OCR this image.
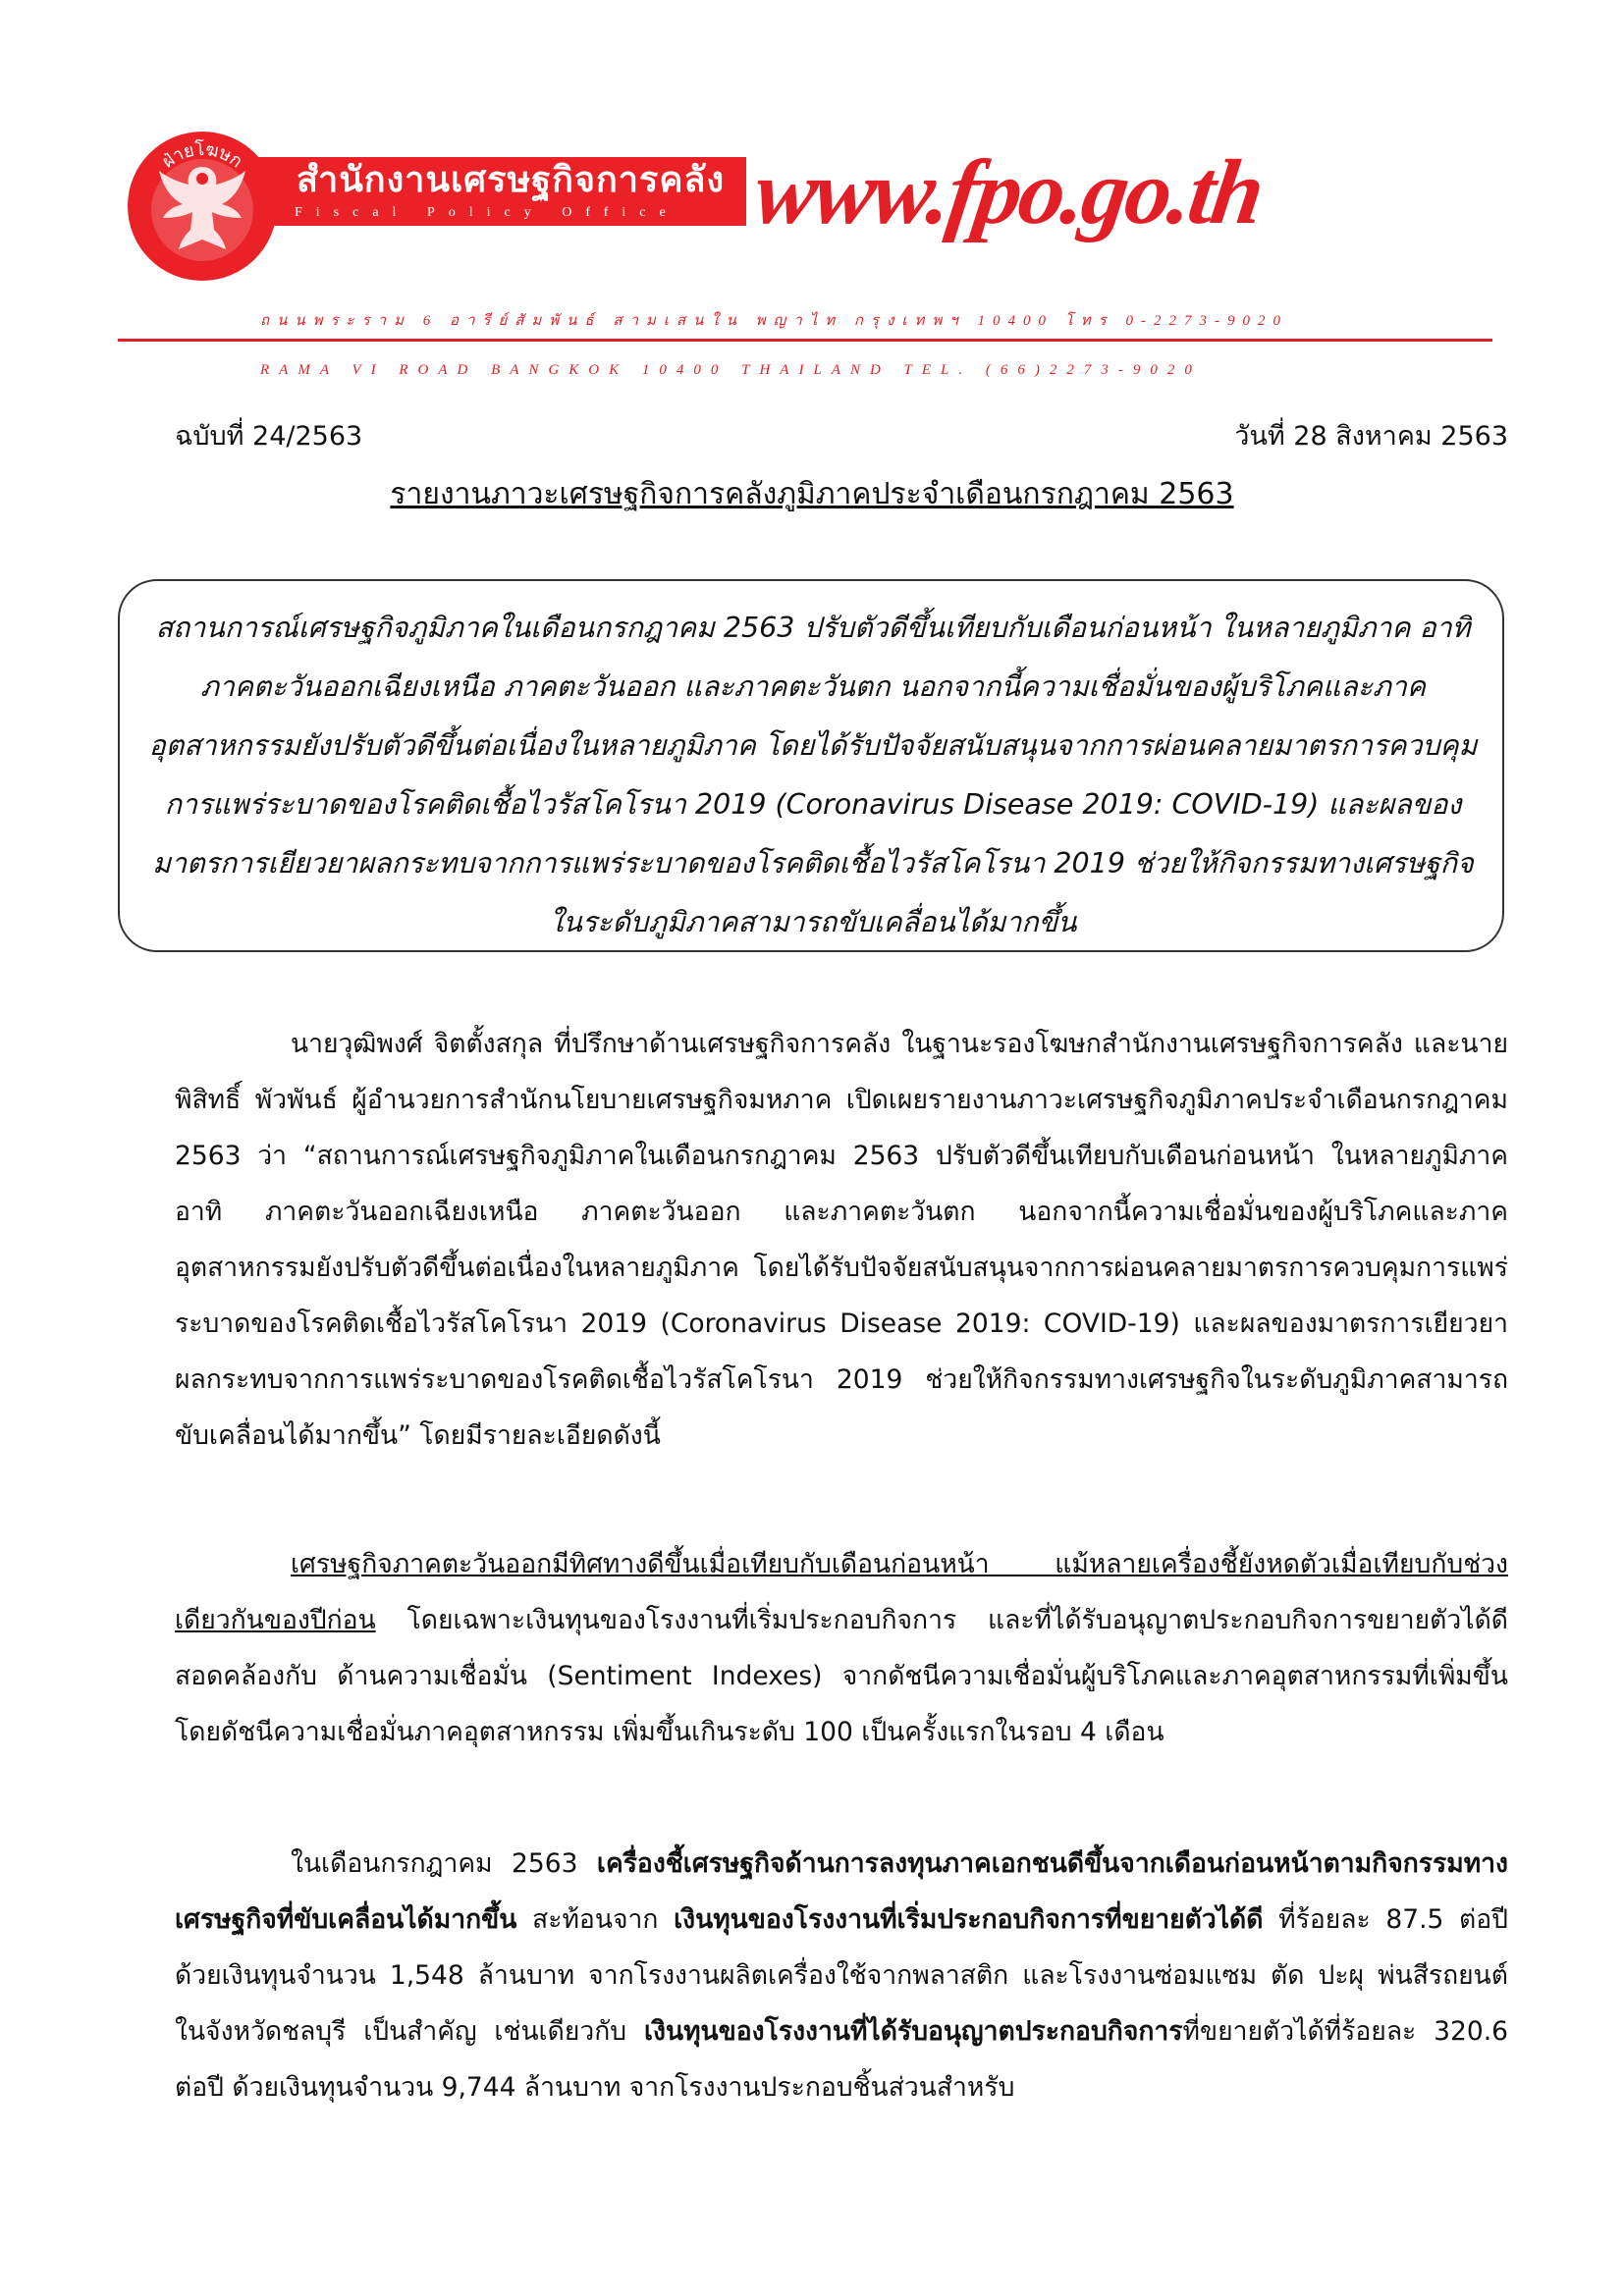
ฝ่ายโฆษก สำนักงานเศรษฐกิจการคลัง
Fiscal Policy Office www.fpo.go.th
ถนนพระราม 6 อารีย์สัมพันธ์ สามเสนใน พญาไท กรุงเทพฯ 10400 โทร 0-2273-9020
RAMA VI ROAD BANGKOK 10400 THAILAND TEL. (66)2273-9020
ฉบับที่ 24/2563	วันที่ 28 สิงหาคม 2563
รายงานภาวะเศรษฐกิจการคลังภูมิภาคประจำเดือนกรกฎาคม 2563

สถานการณ์เศรษฐกิจภูมิภาคในเดือนกรกฎาคม 2563 ปรับตัวดีขึ้นเทียบกับเดือนก่อนหน้า ในหลายภูมิภาค อาทิ ภาคตะวันออกเฉียงเหนือ ภาคตะวันออก และภาคตะวันตก นอกจากนี้ความเชื่อมั่นของผู้บริโภคและภาคอุตสาหกรรมยังปรับตัวดีขึ้นต่อเนื่องในหลายภูมิภาค โดยได้รับปัจจัยสนับสนุนจากการผ่อนคลายมาตรการควบคุมการแพร่ระบาดของโรคติดเชื้อไวรัสโคโรนา 2019 (Coronavirus Disease 2019: COVID-19) และผลของมาตรการเยียวยาผลกระทบจากการแพร่ระบาดของโรคติดเชื้อไวรัสโคโรนา 2019 ช่วยให้กิจกรรมทางเศรษฐกิจในระดับภูมิภาคสามารถขับเคลื่อนได้มากขึ้น

นายวุฒิพงศ์ จิตตั้งสกุล ที่ปรึกษาด้านเศรษฐกิจการคลัง ในฐานะรองโฆษกสำนักงานเศรษฐกิจการคลัง และนายพิสิทธิ์ พัวพันธ์ ผู้อำนวยการสำนักนโยบายเศรษฐกิจมหภาค เปิดเผยรายงานภาวะเศรษฐกิจภูมิภาคประจำเดือนกรกฎาคม 2563 ว่า “สถานการณ์เศรษฐกิจภูมิภาคในเดือนกรกฎาคม 2563 ปรับตัวดีขึ้นเทียบกับเดือนก่อนหน้า ในหลายภูมิภาคอาทิ ภาคตะวันออกเฉียงเหนือ ภาคตะวันออก และภาคตะวันตก นอกจากนี้ความเชื่อมั่นของผู้บริโภคและภาคอุตสาหกรรมยังปรับตัวดีขึ้นต่อเนื่องในหลายภูมิภาค โดยได้รับปัจจัยสนับสนุนจากการผ่อนคลายมาตรการควบคุมการแพร่ระบาดของโรคติดเชื้อไวรัสโคโรนา 2019 (Coronavirus Disease 2019: COVID-19) และผลของมาตรการเยียวยาผลกระทบจากการแพร่ระบาดของโรคติดเชื้อไวรัสโคโรนา 2019 ช่วยให้กิจกรรมทางเศรษฐกิจในระดับภูมิภาคสามารถขับเคลื่อนได้มากขึ้น” โดยมีรายละเอียดดังนี้

เศรษฐกิจภาคตะวันออกมีทิศทางดีขึ้นเมื่อเทียบกับเดือนก่อนหน้า แม้หลายเครื่องชี้ยังหดตัวเมื่อเทียบกับช่วงเดียวกันของปีก่อน โดยเฉพาะเงินทุนของโรงงานที่เริ่มประกอบกิจการ และที่ได้รับอนุญาตประกอบกิจการขยายตัวได้ดี สอดคล้องกับ ด้านความเชื่อมั่น (Sentiment Indexes) จากดัชนีความเชื่อมั่นผู้บริโภคและภาคอุตสาหกรรมที่เพิ่มขึ้น โดยดัชนีความเชื่อมั่นภาคอุตสาหกรรม เพิ่มขึ้นเกินระดับ 100 เป็นครั้งแรกในรอบ 4 เดือน

ในเดือนกรกฎาคม 2563 เครื่องชี้เศรษฐกิจด้านการลงทุนภาคเอกชนดีขึ้นจากเดือนก่อนหน้าตามกิจกรรมทางเศรษฐกิจที่ขับเคลื่อนได้มากขึ้น สะท้อนจาก เงินทุนของโรงงานที่เริ่มประกอบกิจการที่ขยายตัวได้ดี ที่ร้อยละ 87.5 ต่อปี ด้วยเงินทุนจำนวน 1,548 ล้านบาท จากโรงงานผลิตเครื่องใช้จากพลาสติก และโรงงานซ่อมแซม ตัด ปะผุ พ่นสีรถยนต์ ในจังหวัดชลบุรี เป็นสำคัญ เช่นเดียวกับ เงินทุนของโรงงานที่ได้รับอนุญาตประกอบกิจการที่ขยายตัวได้ที่ร้อยละ 320.6 ต่อปี ด้วยเงินทุนจำนวน 9,744 ล้านบาท จากโรงงานประกอบชิ้นส่วนสำหรับ
